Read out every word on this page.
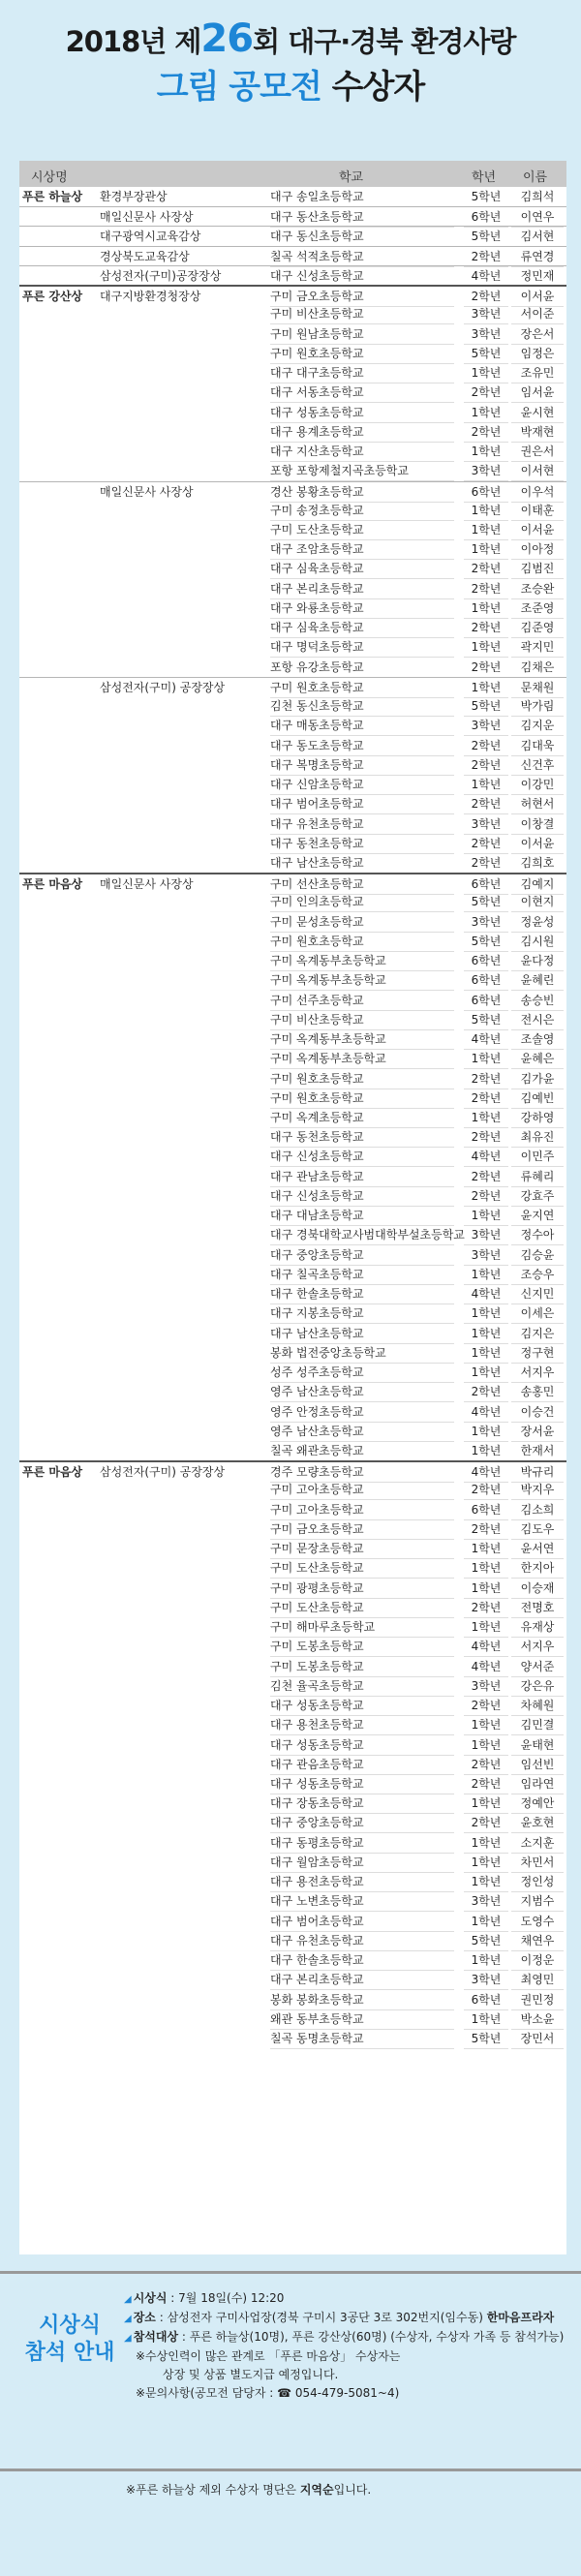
2018년 제26회 대구·경북 환경사랑
그림 공모전 수상자
시상명	학교	학년 이름
푸른 하늘상	환경부장관상	대구 송일초등학교	5학년	김희석
매일신문사 사장상	대구 동산초등학교	6학년	이연우
대구광역시교육감상	대구 동신초등학교	5학년	김서현
경상북도교육감상	칠곡 석적초등학교	2학년	류연경
삼성전자(구미)공장장상	대구 신성초등학교	4학년	정민재
푸른 강산상	대구지방환경청장상	구미 금오초등학교	2학년	이서윤
구미 비산초등학교	3학년	서이준
구미 원남초등학교	3학년	장은서
구미 원호초등학교	5학년	임정은
대구 대구초등학교	1학년	조유민
대구 서동초등학교	2학년	임서윤
대구 성동초등학교	1학년	윤시현
대구 용계초등학교	2학년	박재현
대구 지산초등학교	1학년	권은서
포항 포항제철지곡초등학교	3학년	이서현
매일신문사 사장상	경산 봉황초등학교	6학년	이우석
구미 송정초등학교	1학년	이태훈
구미 도산초등학교	1학년	이서윤
대구 조암초등학교	1학년	이아정
대구 심육초등학교	2학년	김범진
대구 본리초등학교	2학년	조승완
대구 와룡초등학교	1학년	조준영
대구 심육초등학교	2학년	김준영
대구 명덕초등학교	1학년	곽지민
포항 유강초등학교	2학년	김채은
삼성전자(구미) 공장장상	구미 원호초등학교	1학년	문채원
김천 동신초등학교	5학년	박가림
대구 매동초등학교	3학년	김지운
대구 동도초등학교	2학년	김대욱
대구 복명초등학교	2학년	신건후
대구 신암초등학교	1학년	이강민
대구 범어초등학교	2학년	허현서
대구 유천초등학교	3학년	이창결
대구 동천초등학교	2학년	이서윤
대구 남산초등학교	2학년	김희호
푸른 마음상	매일신문사 사장상	구미 선산초등학교	6학년	김예지
구미 인의초등학교	5학년	이현지
구미 문성초등학교	3학년	정윤성
구미 원호초등학교	5학년	김시원
구미 옥계동부초등학교	6학년	윤다정
구미 옥계동부초등학교	6학년	윤혜린
구미 선주초등학교	6학년	송승빈
구미 비산초등학교	5학년	전시은
구미 옥계동부초등학교	4학년	조솔영
구미 옥계동부초등학교	1학년	윤혜은
구미 원호초등학교	2학년	김가윤
구미 원호초등학교	2학년	김예빈
구미 옥계초등학교	1학년	강하영
대구 동천초등학교	2학년	최유진
대구 신성초등학교	4학년	이민주
대구 관남초등학교	2학년	류혜리
대구 신성초등학교	2학년	강효주
대구 대남초등학교	1학년	윤지연
대구 경북대학교사범대학부설초등학교 3학년	정수아
대구 중앙초등학교	3학년	김승윤
대구 칠곡초등학교	1학년	조승우
대구 한솔초등학교	4학년	신지민
대구 지봉초등학교	1학년	이세은
대구 남산초등학교	1학년	김지은
봉화 법전중앙초등학교	1학년	정구현
성주 성주초등학교	1학년	서지우
영주 남산초등학교	2학년	송홍민
영주 안정초등학교	4학년	이승건
영주 남산초등학교	1학년	장서윤
칠곡 왜관초등학교	1학년	한재서
푸른 마음상	삼성전자(구미) 공장장상	경주 모량초등학교	4학년	박규리
구미 고아초등학교	2학년	박지우
구미 고아초등학교	6학년	김소희
구미 금오초등학교	2학년	김도우
구미 문장초등학교	1학년	윤서연
구미 도산초등학교	1학년	한지아
구미 광평초등학교	1학년	이승재
구미 도산초등학교	2학년	전명호
구미 해마루초등학교	1학년	유재상
구미 도봉초등학교	4학년	서지우
구미 도봉초등학교	4학년	양서준
김천 율곡초등학교	3학년	강은유
대구 성동초등학교	2학년	차혜원
대구 용천초등학교	1학년	김민결
대구 성동초등학교	1학년	윤태현
대구 관음초등학교	2학년	임선빈
대구 성동초등학교	2학년	임라연
대구 장동초등학교	1학년	정예안
대구 중앙초등학교	2학년	윤호현
대구 동평초등학교	1학년	소지훈
대구 월암초등학교	1학년	차민서
대구 용전초등학교	1학년	정인성
대구 노변초등학교	3학년	지범수
대구 범어초등학교	1학년	도영수
대구 유천초등학교	5학년	채연우
대구 한솔초등학교	1학년	이정운
대구 본리초등학교	3학년	최영민
봉화 봉화초등학교	6학년	권민정
왜관 동부초등학교	1학년	박소윤
칠곡 동명초등학교	5학년	장민서
시상식
참석 안내
◢ 시상식 : 7월 18일(수) 12:20
◢ 장소 : 삼성전자 구미사업장(경북 구미시 3공단 3로 302번지(임수동) 한마음프라자
◢ 참석대상 : 푸른 하늘상(10명), 푸른 강산상(60명) (수상자, 수상자 가족 등 참석가능)
※수상인력이 많은 관계로 「푸른 마음상」 수상자는
상장 및 상품 별도지급 예정입니다.
※문의사항(공모전 담당자 : ☎ 054-479-5081~4)
※푸른 하늘상 제외 수상자 명단은 지역순입니다.
